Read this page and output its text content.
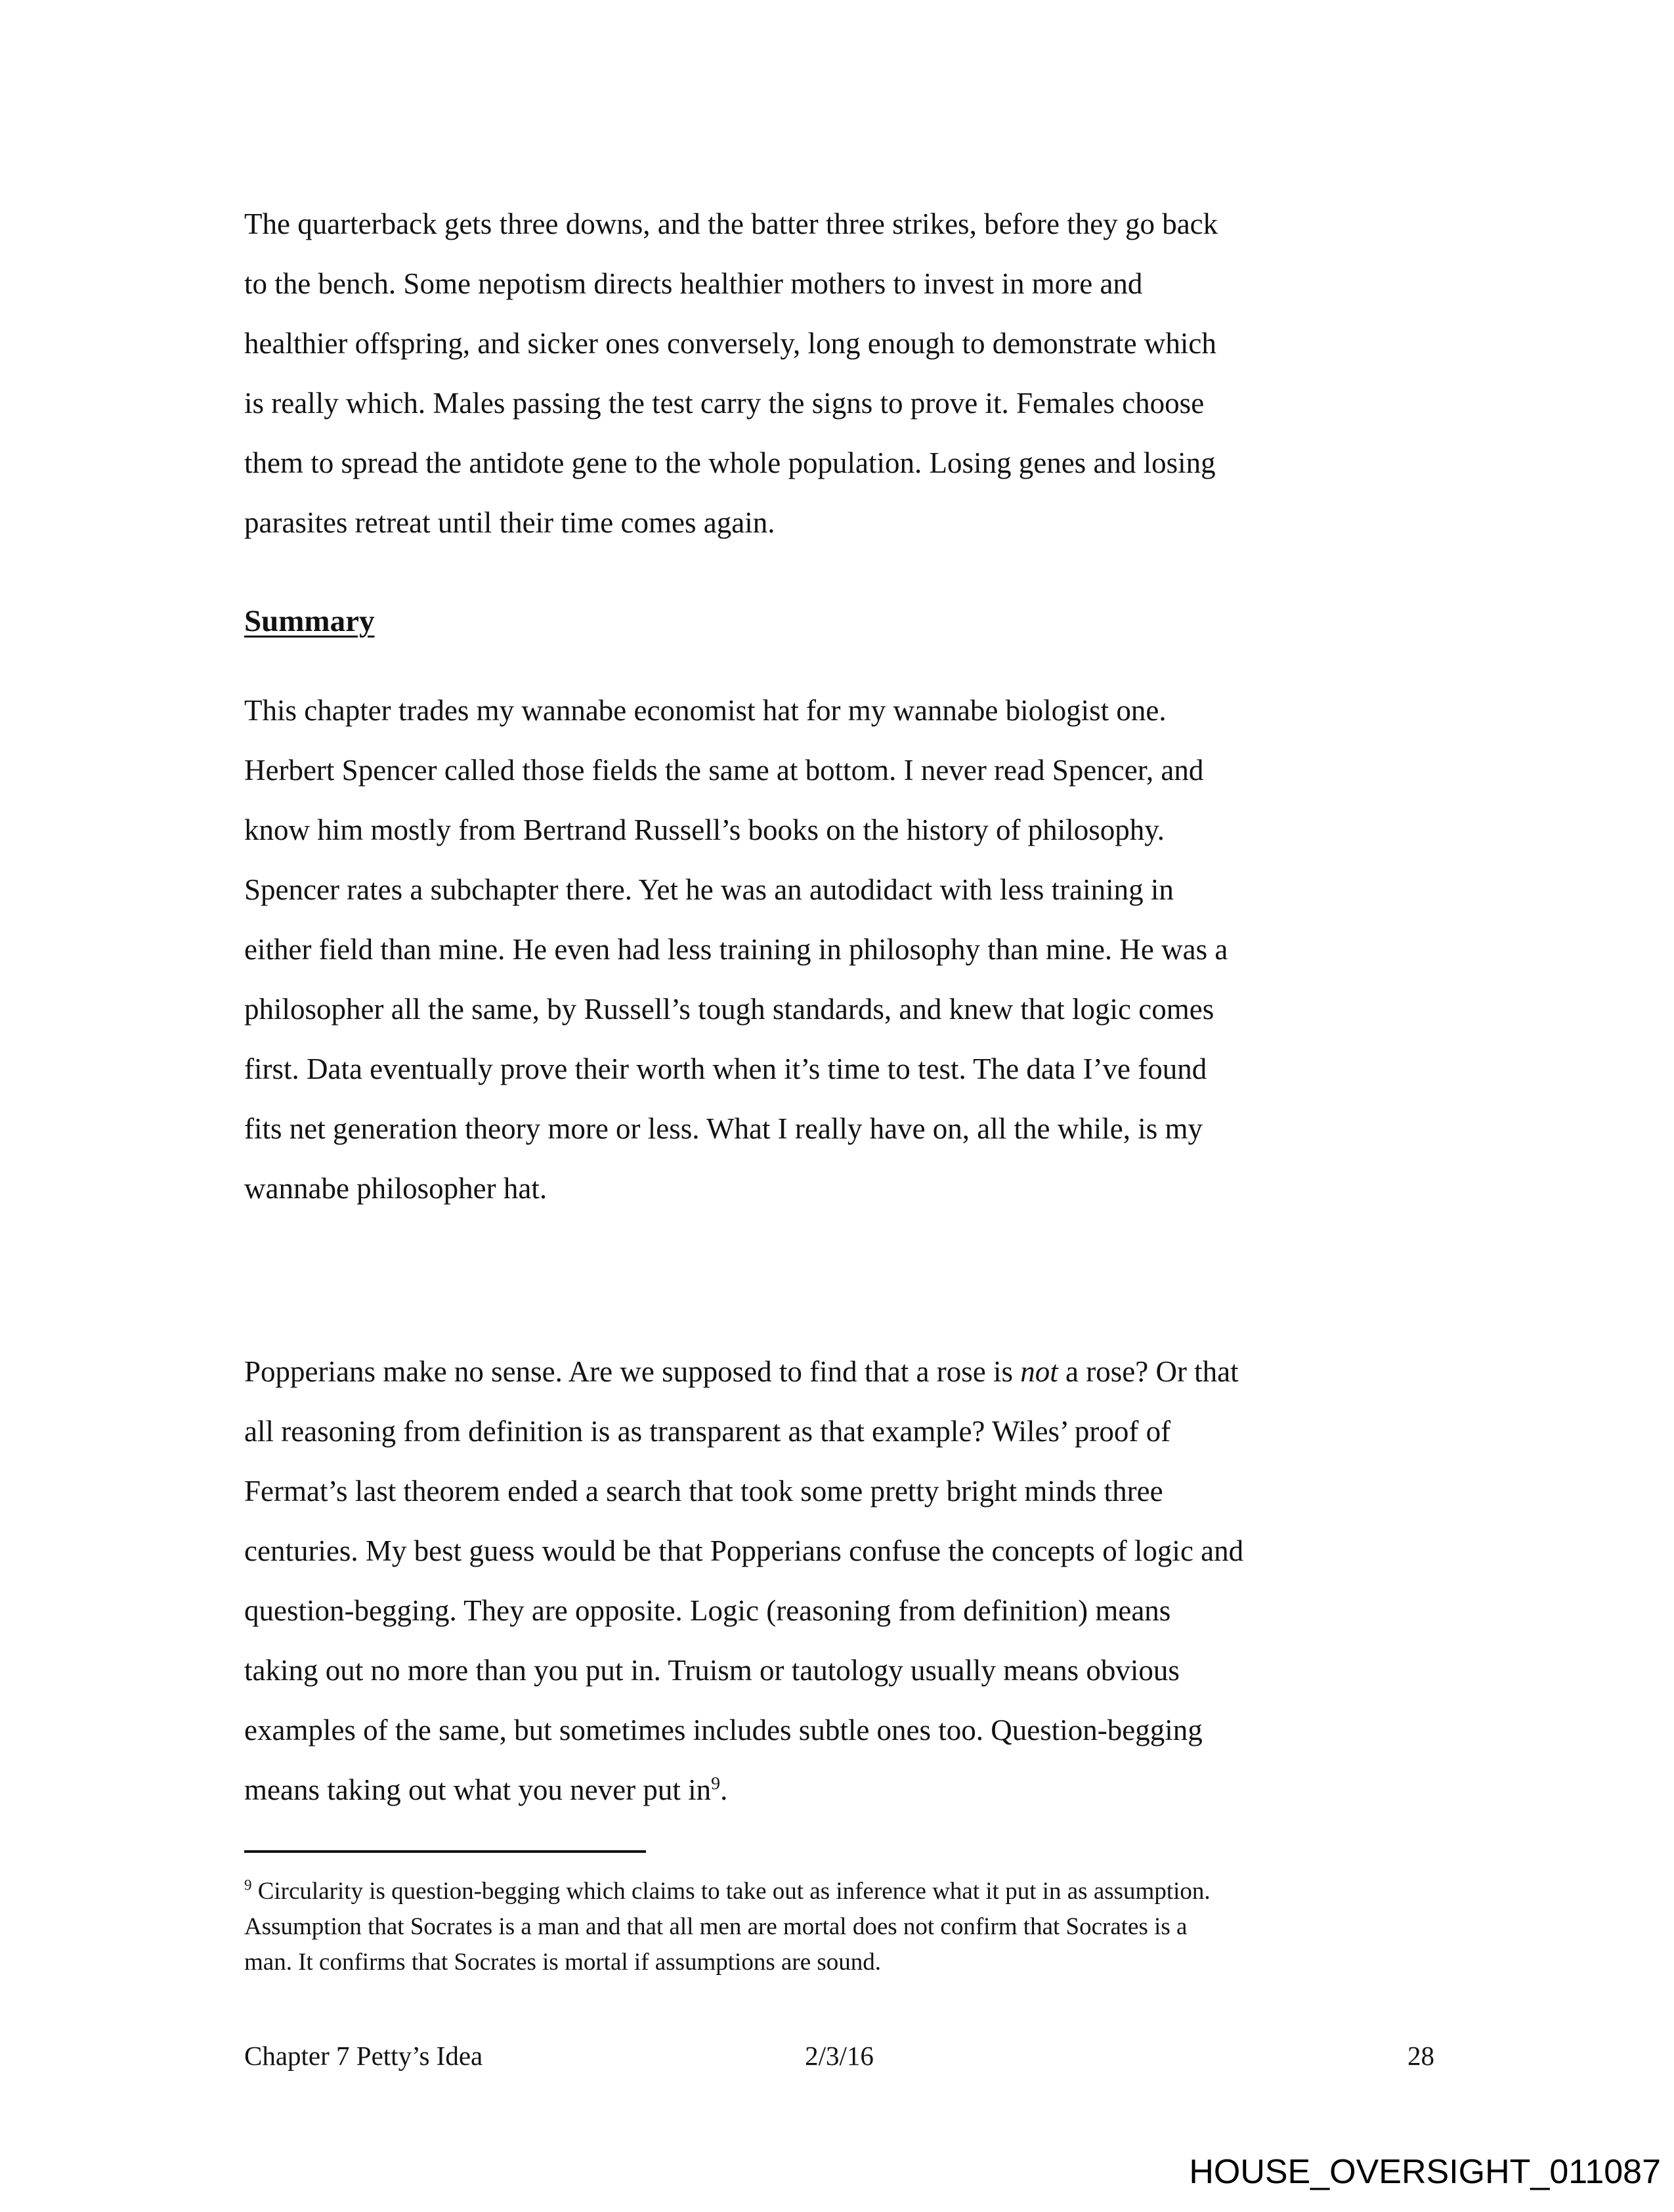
The quarterback gets three downs, and the batter three strikes, before they go back
to the bench. Some nepotism directs healthier mothers to invest in more and
healthier offspring, and sicker ones conversely, long enough to demonstrate which
is really which. Males passing the test carry the signs to prove it. Females choose
them to spread the antidote gene to the whole population. Losing genes and losing
parasites retreat until their time comes again.
Summary
This chapter trades my wannabe economist hat for my wannabe biologist one.
Herbert Spencer called those fields the same at bottom. I never read Spencer, and
know him mostly from Bertrand Russell’s books on the history of philosophy.
Spencer rates a subchapter there. Yet he was an autodidact with less training in
either field than mine. He even had less training in philosophy than mine. He was a
philosopher all the same, by Russell’s tough standards, and knew that logic comes
first. Data eventually prove their worth when it’s time to test. The data I’ve found
fits net generation theory more or less. What I really have on, all the while, is my
wannabe philosopher hat.
Popperians make no sense. Are we supposed to find that a rose is not a rose? Or that
all reasoning from definition is as transparent as that example? Wiles’ proof of
Fermat’s last theorem ended a search that took some pretty bright minds three
centuries. My best guess would be that Popperians confuse the concepts of logic and
question-begging. They are opposite. Logic (reasoning from definition) means
taking out no more than you put in. Truism or tautology usually means obvious
examples of the same, but sometimes includes subtle ones too. Question-begging
means taking out what you never put in$^9$.
$^9$ Circularity is question-begging which claims to take out as inference what it put in as assumption.
Assumption that Socrates is a man and that all men are mortal does not confirm that Socrates is a
man. It confirms that Socrates is mortal if assumptions are sound.
Chapter 7 Petty’s Idea	2/3/16	28
HOUSE_OVERSIGHT_011087
